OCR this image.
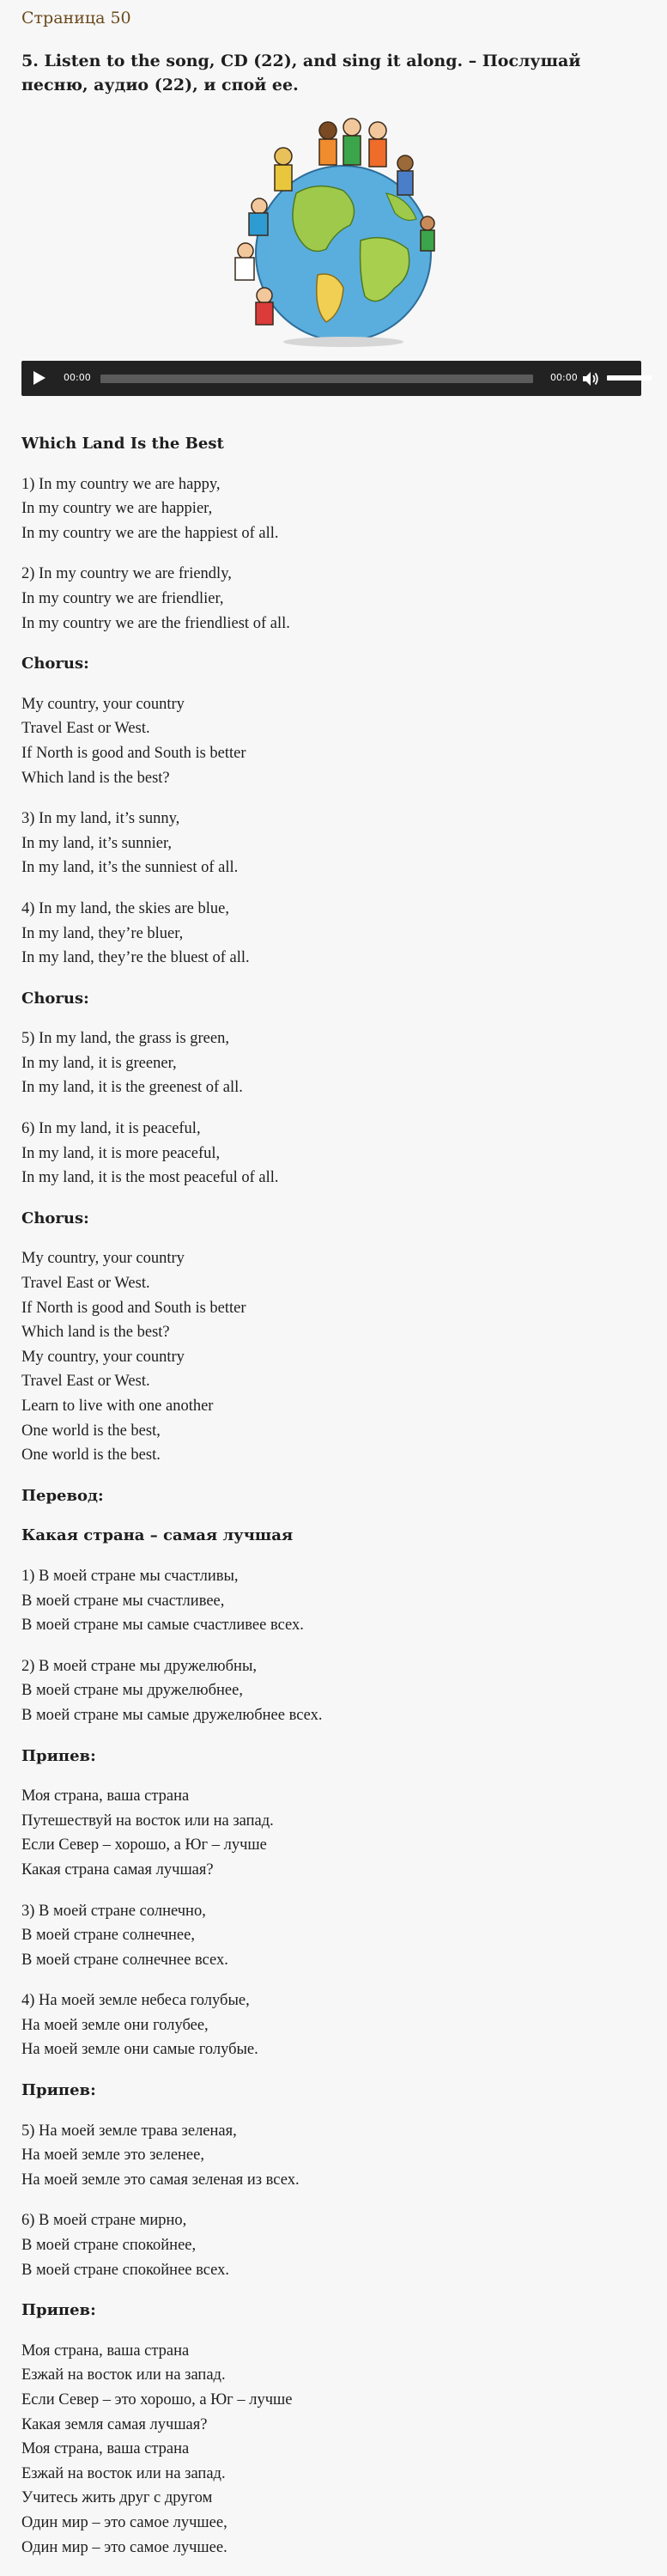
Страница 50
5. Listen to the song, CD (22), and sing it along. – Послушай песню, аудио (22), и спой ее.
00:00	00:00

Which Land Is the Best

1) In my country we are happy,
In my country we are happier,
In my country we are the happiest of all.

2) In my country we are friendly,
In my country we are friendlier,
In my country we are the friendliest of all.

Chorus:

My country, your country
Travel East or West.
If North is good and South is better
Which land is the best?

3) In my land, it’s sunny,
In my land, it’s sunnier,
In my land, it’s the sunniest of all.

4) In my land, the skies are blue,
In my land, they’re bluer,
In my land, they’re the bluest of all.

Chorus:

5) In my land, the grass is green,
In my land, it is greener,
In my land, it is the greenest of all.

6) In my land, it is peaceful,
In my land, it is more peaceful,
In my land, it is the most peaceful of all.

Chorus:

My country, your country
Travel East or West.
If North is good and South is better
Which land is the best?
My country, your country
Travel East or West.
Learn to live with one another
One world is the best,
One world is the best.

Перевод:

Какая страна – самая лучшая

1) В моей стране мы счастливы,
В моей стране мы счастливее,
В моей стране мы самые счастливее всех.

2) В моей стране мы дружелюбны,
В моей стране мы дружелюбнее,
В моей стране мы самые дружелюбнее всех.

Припев:

Моя страна, ваша страна
Путешествуй на восток или на запад.
Если Север – хорошо, а Юг – лучше
Какая страна самая лучшая?

3) В моей стране солнечно,
В моей стране солнечнее,
В моей стране солнечнее всех.

4) На моей земле небеса голубые,
На моей земле они голубее,
На моей земле они самые голубые.

Припев:

5) На моей земле трава зеленая,
На моей земле это зеленее,
На моей земле это самая зеленая из всех.

6) В моей стране мирно,
В моей стране спокойнее,
В моей стране спокойнее всех.

Припев:

Моя страна, ваша страна
Езжай на восток или на запад.
Если Север – это хорошо, а Юг – лучше
Какая земля самая лучшая?
Моя страна, ваша страна
Езжай на восток или на запад.
Учитесь жить друг с другом
Один мир – это самое лучшее,
Один мир – это самое лучшее.
